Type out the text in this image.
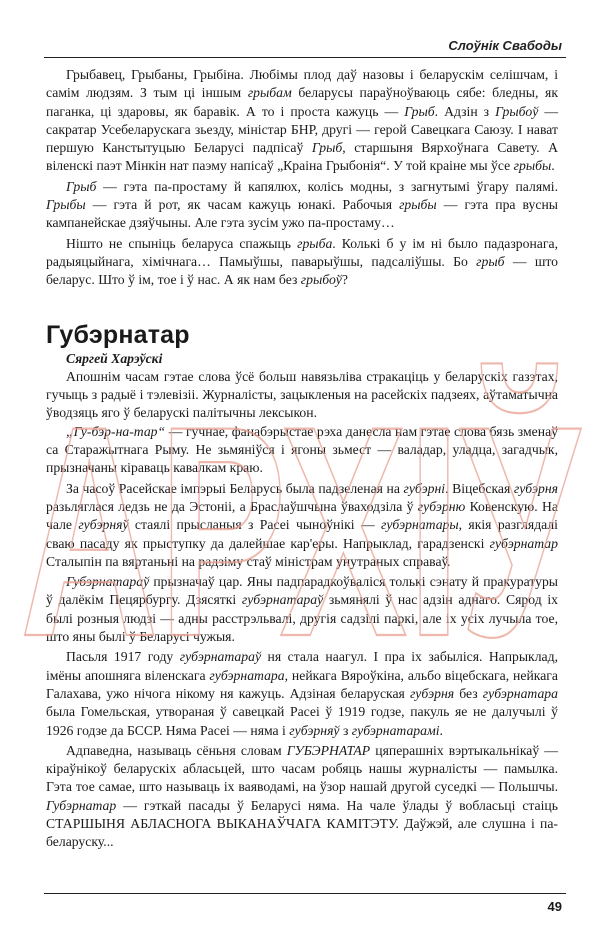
Слоўнік Свабоды

Грыбавец, Грыбаны, Грыбіна. Любімы плод даў назовы і беларускім селішчам, і самім людзям. З тым ці іншым грыбам беларусы параўноўваюць сябе: бледны, як паганка, ці здаровы, як баравік. А то і проста кажуць — Грыб. Адзін з Грыбоў — сакратар Усебеларускага зьезду, міністар БНР, другі — герой Савецкага Саюзу. І нават першую Канстытуцыю Беларусі падпісаў Грыб, старшыня Вярхоўнага Савету. А віленскі паэт Мінкін нат паэму напісаў „Краіна Грыбонія“. У той краіне мы ўсе грыбы.

Грыб — гэта па-простаму й капялюх, колісь модны, з загнутымі ўгару палямі. Грыбы — гэта й рот, як часам кажуць юнакі. Рабочыя грыбы — гэта пра вусны кампанейскае дзяўчыны. Але гэта зусім ужо па-простаму…

Нішто не спыніць беларуса спажыць грыба. Колькі б у ім ні было падазронага, радыяцыйнага, хімічнага… Памыўшы, паварыўшы, падсаліўшы. Бо грыб — што беларус. Што ў ім, тое і ў нас. А як нам без грыбоў?

Губэрнатар

Сяргей Харэўскі

Апошнім часам гэтае слова ўсё больш навязьліва стракаціць у беларускіх газэтах, гучыць з радыё і тэлевізіі. Журналісты, зацыкленыя на расейскіх падзеях, аўтаматычна ўводзяць яго ў беларускі палітычны лексыкон.

„Гу-бэр-на-тар“ — гучнае, фанабэрыстае рэха данесла нам гэтае слова бязь зменаў са Старажытнага Рыму. Не зьмяніўся і ягоны зьмест — валадар, уладца, загадчык, прызначаны кіраваць кавалкам краю.

За часоў Расейскае імпэрыі Беларусь была падзеленая на губэрні. Віцебская губэрня разьляглася ледзь не да Эстоніі, а Браслаўшчына ўваходзіла ў губэрню Ковенскую. На чале губэрняў стаялі прысланыя з Расеі чыноўнікі — губэрнатары, якія разглядалі сваю пасаду як прыступку да далейшае кар'еры. Напрыклад, гарадзенскі губэрнатар Сталыпін па вяртаньні на радзіму стаў міністрам унутраных справаў.

Губэрнатараў прызначаў цар. Яны падпарадкоўваліся толькі сэнату й пракуратуры ў далёкім Пецярбургу. Дзясяткі губэрнатараў зьмянялі ў нас адзін аднаго. Сярод іх былі розныя людзі — адны расстрэльвалі, другія садзілі паркі, але іх усіх лучыла тое, што яны былі ў Беларусі чужыя.

Пасьля 1917 году губэрнатараў ня стала наагул. І пра іх забыліся. Напрыклад, імёны апошняга віленскага губэрнатара, нейкага Вяроўкіна, альбо віцебскага, нейкага Галахава, ужо нічога нікому ня кажуць. Адзіная беларуская губэрня без губэрнатара была Гомельская, утвораная ў савецкай Расеі ў 1919 годзе, пакуль яе не далучылі ў 1926 годзе да БССР. Няма Расеі — няма і губэрняў з губэрнатарамі.

Адпаведна, называць сёньня словам ГУБЭРНАТАР цяперашніх вэртыкальнікаў — кіраўнікоў беларускіх абласьцей, што часам робяць нашы журналісты — памылка. Гэта тое самае, што называць іх ваяводамі, на ўзор нашай другой суседкі — Польшчы. Губэрнатар — гэткай пасады ў Беларусі няма. На чале ўлады ў вобласьці стаіць СТАРШЫНЯ АБЛАСНОГА ВЫКАНАЎЧАГА КАМІТЭТУ. Даўжэй, але слушна і па-беларуску...

АРХІЎ
49
